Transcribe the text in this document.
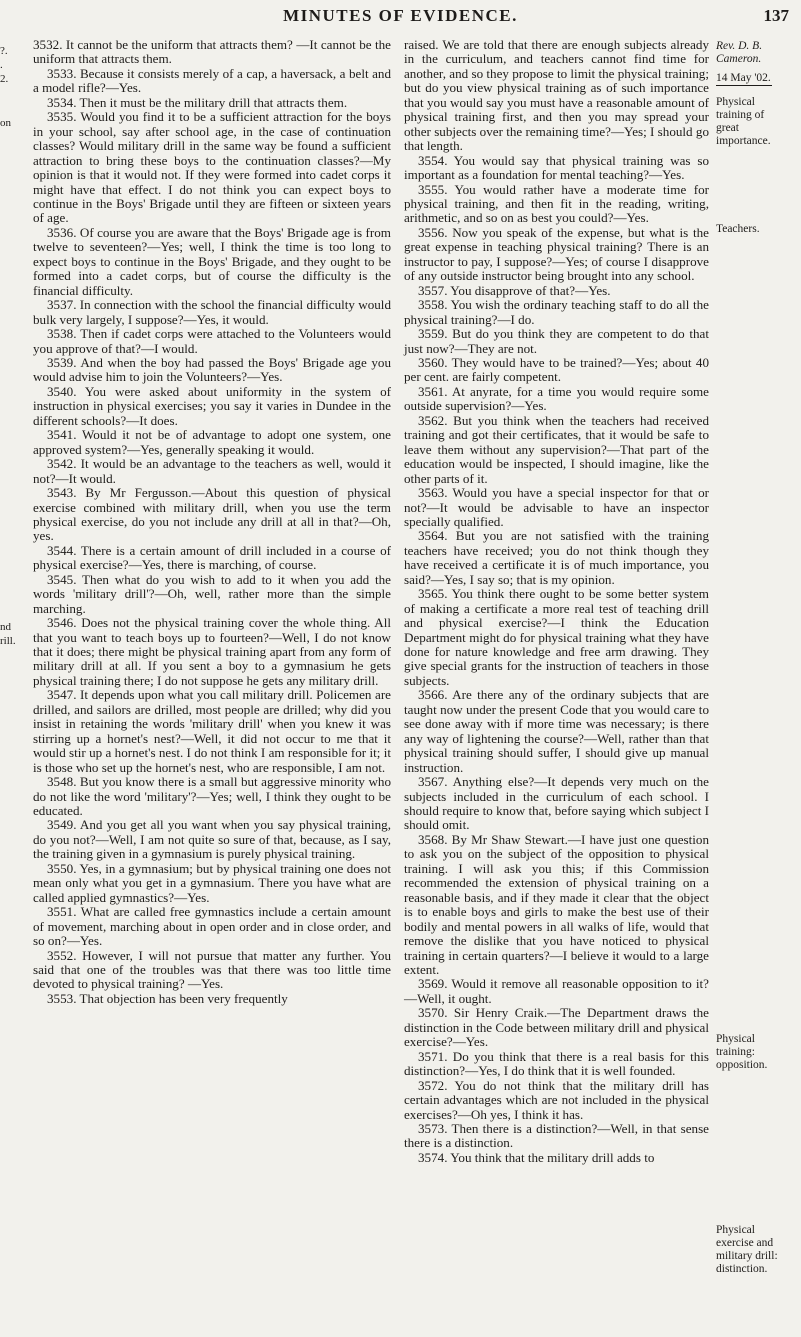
MINUTES OF EVIDENCE.	137
?.
.
2.
on
nd
rill.

3532. It cannot be the uniform that attracts them? —It cannot be the uniform that attracts them.

3533. Because it consists merely of a cap, a haversack, a belt and a model rifle?—Yes.

3534. Then it must be the military drill that attracts them.

3535. Would you find it to be a sufficient attraction for the boys in your school, say after school age, in the case of continuation classes? Would military drill in the same way be found a sufficient attraction to bring these boys to the continuation classes?—My opinion is that it would not. If they were formed into cadet corps it might have that effect. I do not think you can expect boys to continue in the Boys' Brigade until they are fifteen or sixteen years of age.

3536. Of course you are aware that the Boys' Brigade age is from twelve to seventeen?—Yes; well, I think the time is too long to expect boys to continue in the Boys' Brigade, and they ought to be formed into a cadet corps, but of course the difficulty is the financial difficulty.

3537. In connection with the school the financial difficulty would bulk very largely, I suppose?—Yes, it would.

3538. Then if cadet corps were attached to the Volunteers would you approve of that?—I would.

3539. And when the boy had passed the Boys' Brigade age you would advise him to join the Volunteers?—Yes.

3540. You were asked about uniformity in the system of instruction in physical exercises; you say it varies in Dundee in the different schools?—It does.

3541. Would it not be of advantage to adopt one system, one approved system?—Yes, generally speaking it would.

3542. It would be an advantage to the teachers as well, would it not?—It would.

3543. By Mr Fergusson.—About this question of physical exercise combined with military drill, when you use the term physical exercise, do you not include any drill at all in that?—Oh, yes.

3544. There is a certain amount of drill included in a course of physical exercise?—Yes, there is marching, of course.

3545. Then what do you wish to add to it when you add the words 'military drill'?—Oh, well, rather more than the simple marching.

3546. Does not the physical training cover the whole thing. All that you want to teach boys up to fourteen?—Well, I do not know that it does; there might be physical training apart from any form of military drill at all. If you sent a boy to a gymnasium he gets physical training there; I do not suppose he gets any military drill.

3547. It depends upon what you call military drill. Policemen are drilled, and sailors are drilled, most people are drilled; why did you insist in retaining the words 'military drill' when you knew it was stirring up a hornet's nest?—Well, it did not occur to me that it would stir up a hornet's nest. I do not think I am responsible for it; it is those who set up the hornet's nest, who are responsible, I am not.

3548. But you know there is a small but aggressive minority who do not like the word 'military'?—Yes; well, I think they ought to be educated.

3549. And you get all you want when you say physical training, do you not?—Well, I am not quite so sure of that, because, as I say, the training given in a gymnasium is purely physical training.

3550. Yes, in a gymnasium; but by physical training one does not mean only what you get in a gymnasium. There you have what are called applied gymnastics?—Yes.

3551. What are called free gymnastics include a certain amount of movement, marching about in open order and in close order, and so on?—Yes.

3552. However, I will not pursue that matter any further. You said that one of the troubles was that there was too little time devoted to physical training? —Yes.

3553. That objection has been very frequently

raised. We are told that there are enough subjects already in the curriculum, and teachers cannot find time for another, and so they propose to limit the physical training; but do you view physical training as of such importance that you would say you must have a reasonable amount of physical training first, and then you may spread your other subjects over the remaining time?—Yes; I should go that length.

3554. You would say that physical training was so important as a foundation for mental teaching?—Yes.

3555. You would rather have a moderate time for physical training, and then fit in the reading, writing, arithmetic, and so on as best you could?—Yes.

3556. Now you speak of the expense, but what is the great expense in teaching physical training? There is an instructor to pay, I suppose?—Yes; of course I disapprove of any outside instructor being brought into any school.

3557. You disapprove of that?—Yes.

3558. You wish the ordinary teaching staff to do all the physical training?—I do.

3559. But do you think they are competent to do that just now?—They are not.

3560. They would have to be trained?—Yes; about 40 per cent. are fairly competent.

3561. At anyrate, for a time you would require some outside supervision?—Yes.

3562. But you think when the teachers had received training and got their certificates, that it would be safe to leave them without any supervision?—That part of the education would be inspected, I should imagine, like the other parts of it.

3563. Would you have a special inspector for that or not?—It would be advisable to have an inspector specially qualified.

3564. But you are not satisfied with the training teachers have received; you do not think though they have received a certificate it is of much importance, you said?—Yes, I say so; that is my opinion.

3565. You think there ought to be some better system of making a certificate a more real test of teaching drill and physical exercise?—I think the Education Department might do for physical training what they have done for nature knowledge and free arm drawing. They give special grants for the instruction of teachers in those subjects.

3566. Are there any of the ordinary subjects that are taught now under the present Code that you would care to see done away with if more time was necessary; is there any way of lightening the course?—Well, rather than that physical training should suffer, I should give up manual instruction.

3567. Anything else?—It depends very much on the subjects included in the curriculum of each school. I should require to know that, before saying which subject I should omit.

3568. By Mr Shaw Stewart.—I have just one question to ask you on the subject of the opposition to physical training. I will ask you this; if this Commission recommended the extension of physical training on a reasonable basis, and if they made it clear that the object is to enable boys and girls to make the best use of their bodily and mental powers in all walks of life, would that remove the dislike that you have noticed to physical training in certain quarters?—I believe it would to a large extent.

3569. Would it remove all reasonable opposition to it?—Well, it ought.

3570. Sir Henry Craik.—The Department draws the distinction in the Code between military drill and physical exercise?—Yes.

3571. Do you think that there is a real basis for this distinction?—Yes, I do think that it is well founded.

3572. You do not think that the military drill has certain advantages which are not included in the physical exercises?—Oh yes, I think it has.

3573. Then there is a distinction?—Well, in that sense there is a distinction.

3574. You think that the military drill adds to

Rev. D. B.
Cameron.
14 May '02.
Physical
training of
great
importance.
Teachers.
Physical
training:
opposition.
Physical
exercise and
military drill:
distinction.
